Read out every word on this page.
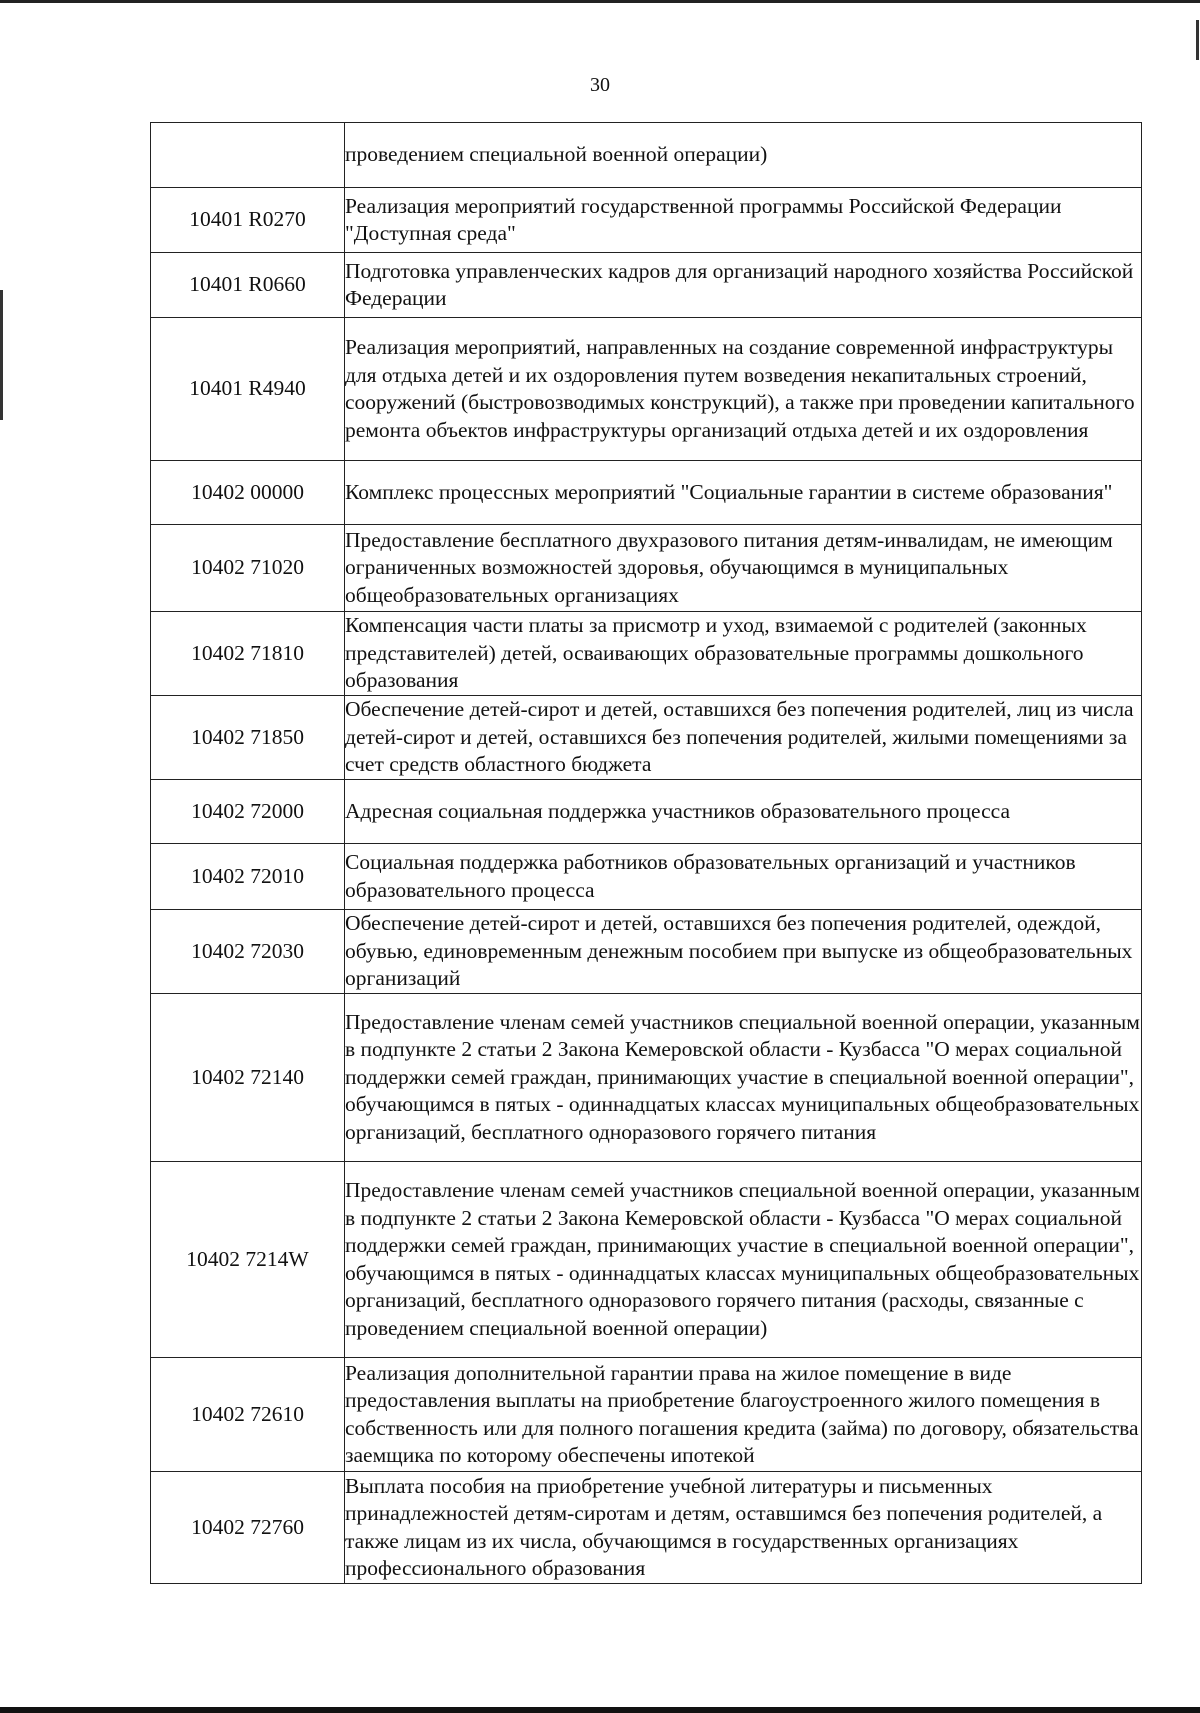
30
	проведением специальной военной операции)
10401 R0270	Реализация мероприятий государственной программы Российской Федерации "Доступная среда"
10401 R0660	Подготовка управленческих кадров для организаций народного хозяйства Российской Федерации
10401 R4940	Реализация мероприятий, направленных на создание современной инфраструктуры для отдыха детей и их оздоровления путем возведения некапитальных строений, сооружений (быстровозводимых конструкций), а также при проведении капитального ремонта объектов инфраструктуры организаций отдыха детей и их оздоровления
10402 00000	Комплекс процессных мероприятий "Социальные гарантии в системе образования"
10402 71020	Предоставление бесплатного двухразового питания детям-инвалидам, не имеющим ограниченных возможностей здоровья, обучающимся в муниципальных общеобразовательных организациях
10402 71810	Компенсация части платы за присмотр и уход, взимаемой с родителей (законных представителей) детей, осваивающих образовательные программы дошкольного образования
10402 71850	Обеспечение детей-сирот и детей, оставшихся без попечения родителей, лиц из числа детей-сирот и детей, оставшихся без попечения родителей, жилыми помещениями за счет средств областного бюджета
10402 72000	Адресная социальная поддержка участников образовательного процесса
10402 72010	Социальная поддержка работников образовательных организаций и участников образовательного процесса
10402 72030	Обеспечение детей-сирот и детей, оставшихся без попечения родителей, одеждой, обувью, единовременным денежным пособием при выпуске из общеобразовательных организаций
10402 72140	Предоставление членам семей участников специальной военной операции, указанным в подпункте 2 статьи 2 Закона Кемеровской области - Кузбасса "О мерах социальной поддержки семей граждан, принимающих участие в специальной военной операции", обучающимся в пятых - одиннадцатых классах муниципальных общеобразовательных организаций, бесплатного одноразового горячего питания
10402 7214W	Предоставление членам семей участников специальной военной операции, указанным в подпункте 2 статьи 2 Закона Кемеровской области - Кузбасса "О мерах социальной поддержки семей граждан, принимающих участие в специальной военной операции", обучающимся в пятых - одиннадцатых классах муниципальных общеобразовательных организаций, бесплатного одноразового горячего питания (расходы, связанные с проведением специальной военной операции)
10402 72610	Реализация дополнительной гарантии права на жилое помещение в виде предоставления выплаты на приобретение благоустроенного жилого помещения в собственность или для полного погашения кредита (займа) по договору, обязательства заемщика по которому обеспечены ипотекой
10402 72760	Выплата пособия на приобретение учебной литературы и письменных принадлежностей детям-сиротам и детям, оставшимся без попечения родителей, а также лицам из их числа, обучающимся в государственных организациях профессионального образования
